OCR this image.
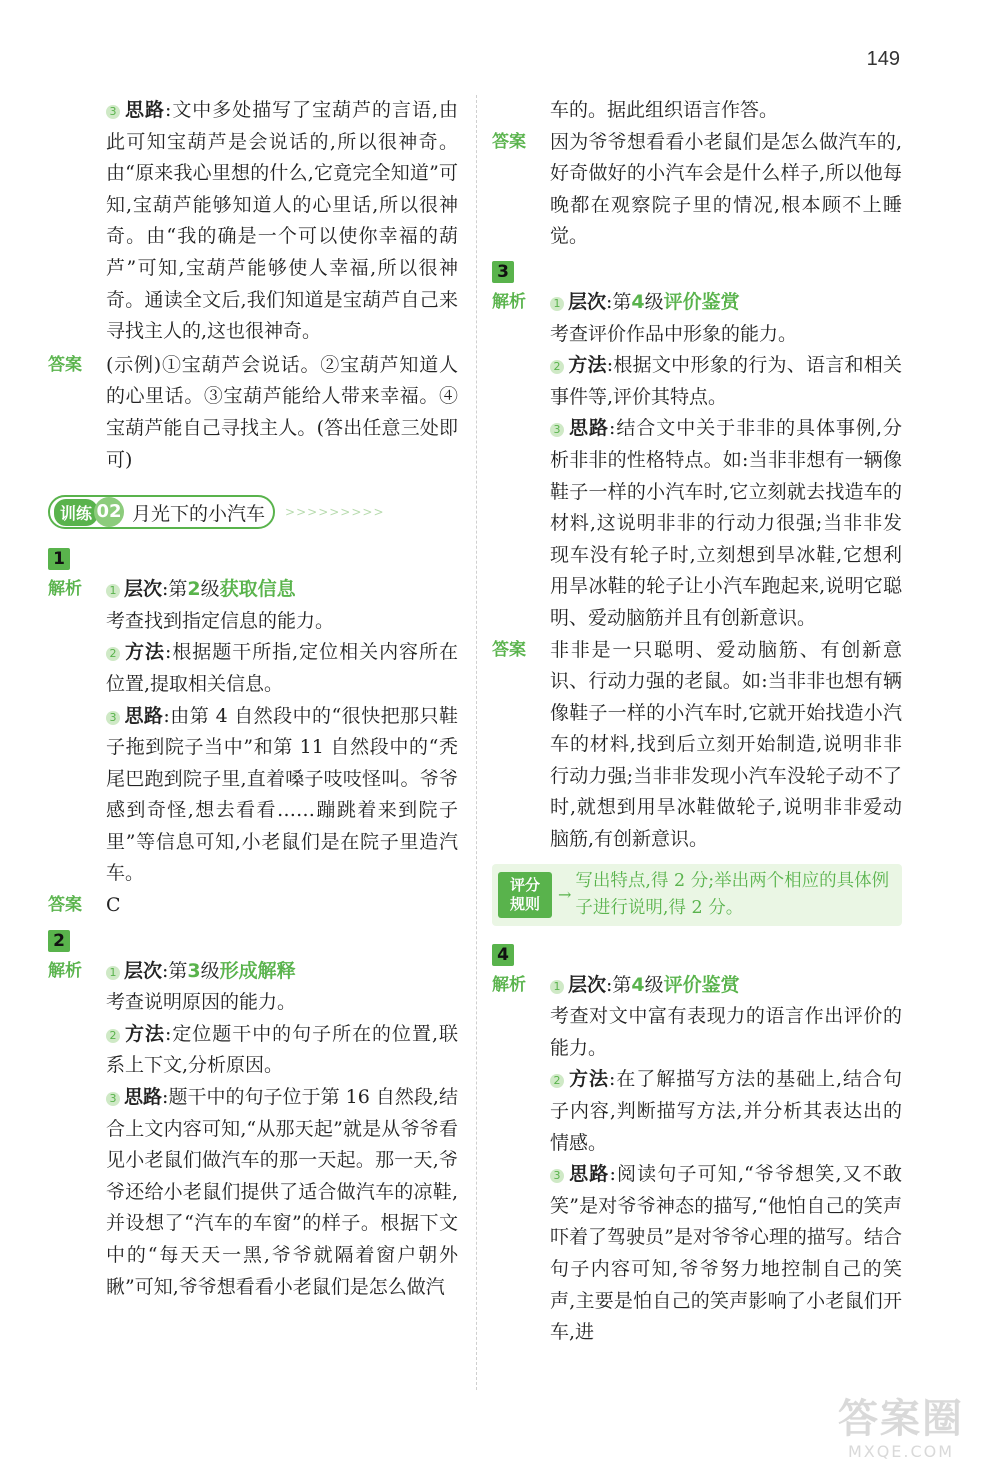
149

3 思路:文中多处描写了宝葫芦的言语,由此可知宝葫芦是会说话的,所以很神奇。由“原来我心里想的什么,它竟完全知道”可知,宝葫芦能够知道人的心里话,所以很神奇。由“我的确是一个可以使你幸福的葫芦”可知,宝葫芦能够使人幸福,所以很神奇。通读全文后,我们知道是宝葫芦自己来寻找主人的,这也很神奇。

答案	(示例)①宝葫芦会说话。②宝葫芦知道人的心里话。③宝葫芦能给人带来幸福。④宝葫芦能自己寻找主人。(答出任意三处即可)

训练 02 月光下的小汽车 >>>>>>>>>
1
解析	1 层次:第2级获取信息

考查找到指定信息的能力。

2 方法:根据题干所指,定位相关内容所在位置,提取相关信息。

3 思路:由第 4 自然段中的“很快把那只鞋子拖到院子当中”和第 11 自然段中的“秃尾巴跑到院子里,直着嗓子吱吱怪叫。爷爷感到奇怪,想去看看……蹦跳着来到院子里”等信息可知,小老鼠们是在院子里造汽车。

答案	C

2
解析	1 层次:第3级形成解释

考查说明原因的能力。

2 方法:定位题干中的句子所在的位置,联系上下文,分析原因。

3 思路:题干中的句子位于第 16 自然段,结合上文内容可知,“从那天起”就是从爷爷看见小老鼠们做汽车的那一天起。那一天,爷爷还给小老鼠们提供了适合做汽车的凉鞋,并设想了“汽车的车窗”的样子。根据下文中的“每天天一黑,爷爷就隔着窗户朝外瞅”可知,爷爷想看看小老鼠们是怎么做汽

车的。据此组织语言作答。

答案	因为爷爷想看看小老鼠们是怎么做汽车的,好奇做好的小汽车会是什么样子,所以他每晚都在观察院子里的情况,根本顾不上睡觉。

3
解析	1 层次:第4级评价鉴赏

考查评价作品中形象的能力。

2 方法:根据文中形象的行为、语言和相关事件等,评价其特点。

3 思路:结合文中关于非非的具体事例,分析非非的性格特点。如:当非非想有一辆像鞋子一样的小汽车时,它立刻就去找造车的材料,这说明非非的行动力很强;当非非发现车没有轮子时,立刻想到旱冰鞋,它想利用旱冰鞋的轮子让小汽车跑起来,说明它聪明、爱动脑筋并且有创新意识。

答案	非非是一只聪明、爱动脑筋、有创新意识、行动力强的老鼠。如:当非非也想有辆像鞋子一样的小汽车时,它就开始找造小汽车的材料,找到后立刻开始制造,说明非非行动力强;当非非发现小汽车没轮子动不了时,就想到用旱冰鞋做轮子,说明非非爱动脑筋,有创新意识。

评分规则	→
写出特点,得 2 分;举出两个相应的具体例子进行说明,得 2 分。
4
解析	1 层次:第4级评价鉴赏

考查对文中富有表现力的语言作出评价的能力。

2 方法:在了解描写方法的基础上,结合句子内容,判断描写方法,并分析其表达出的情感。

3 思路:阅读句子可知,“爷爷想笑,又不敢笑”是对爷爷神态的描写,“他怕自己的笑声吓着了驾驶员”是对爷爷心理的描写。结合句子内容可知,爷爷努力地控制自己的笑声,主要是怕自己的笑声影响了小老鼠们开车,进

答案圈
MXQE.COM
